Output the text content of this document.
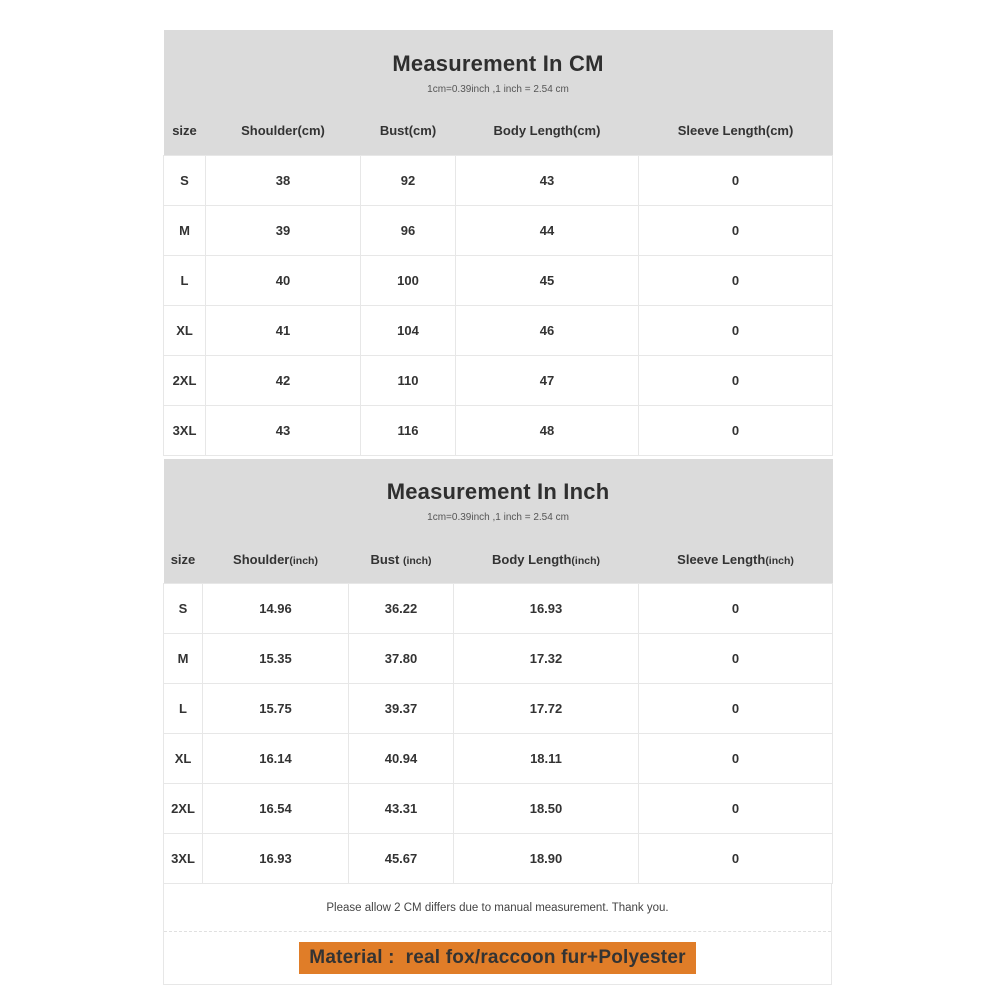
Measurement In CM
1cm=0.39inch ,1 inch = 2.54 cm				

size	Shoulder(cm)	Bust(cm)	Body Length(cm)	Sleeve Length(cm)
S	38	92	43	0
M	39	96	44	0
L	40	100	45	0
XL	41	104	46	0
2XL	42	110	47	0
3XL	43	116	48	0
Measurement In Inch
1cm=0.39inch ,1 inch = 2.54 cm				

size	Shoulder(inch)	Bust (inch)	Body Length(inch)	Sleeve Length(inch)
S	14.96	36.22	16.93	0
M	15.35	37.80	17.32	0
L	15.75	39.37	17.72	0
XL	16.14	40.94	18.11	0
2XL	16.54	43.31	18.50	0
3XL	16.93	45.67	18.90	0
Please allow 2 CM differs due to manual measurement. Thank you.
Material :  real fox/raccoon fur+Polyester
